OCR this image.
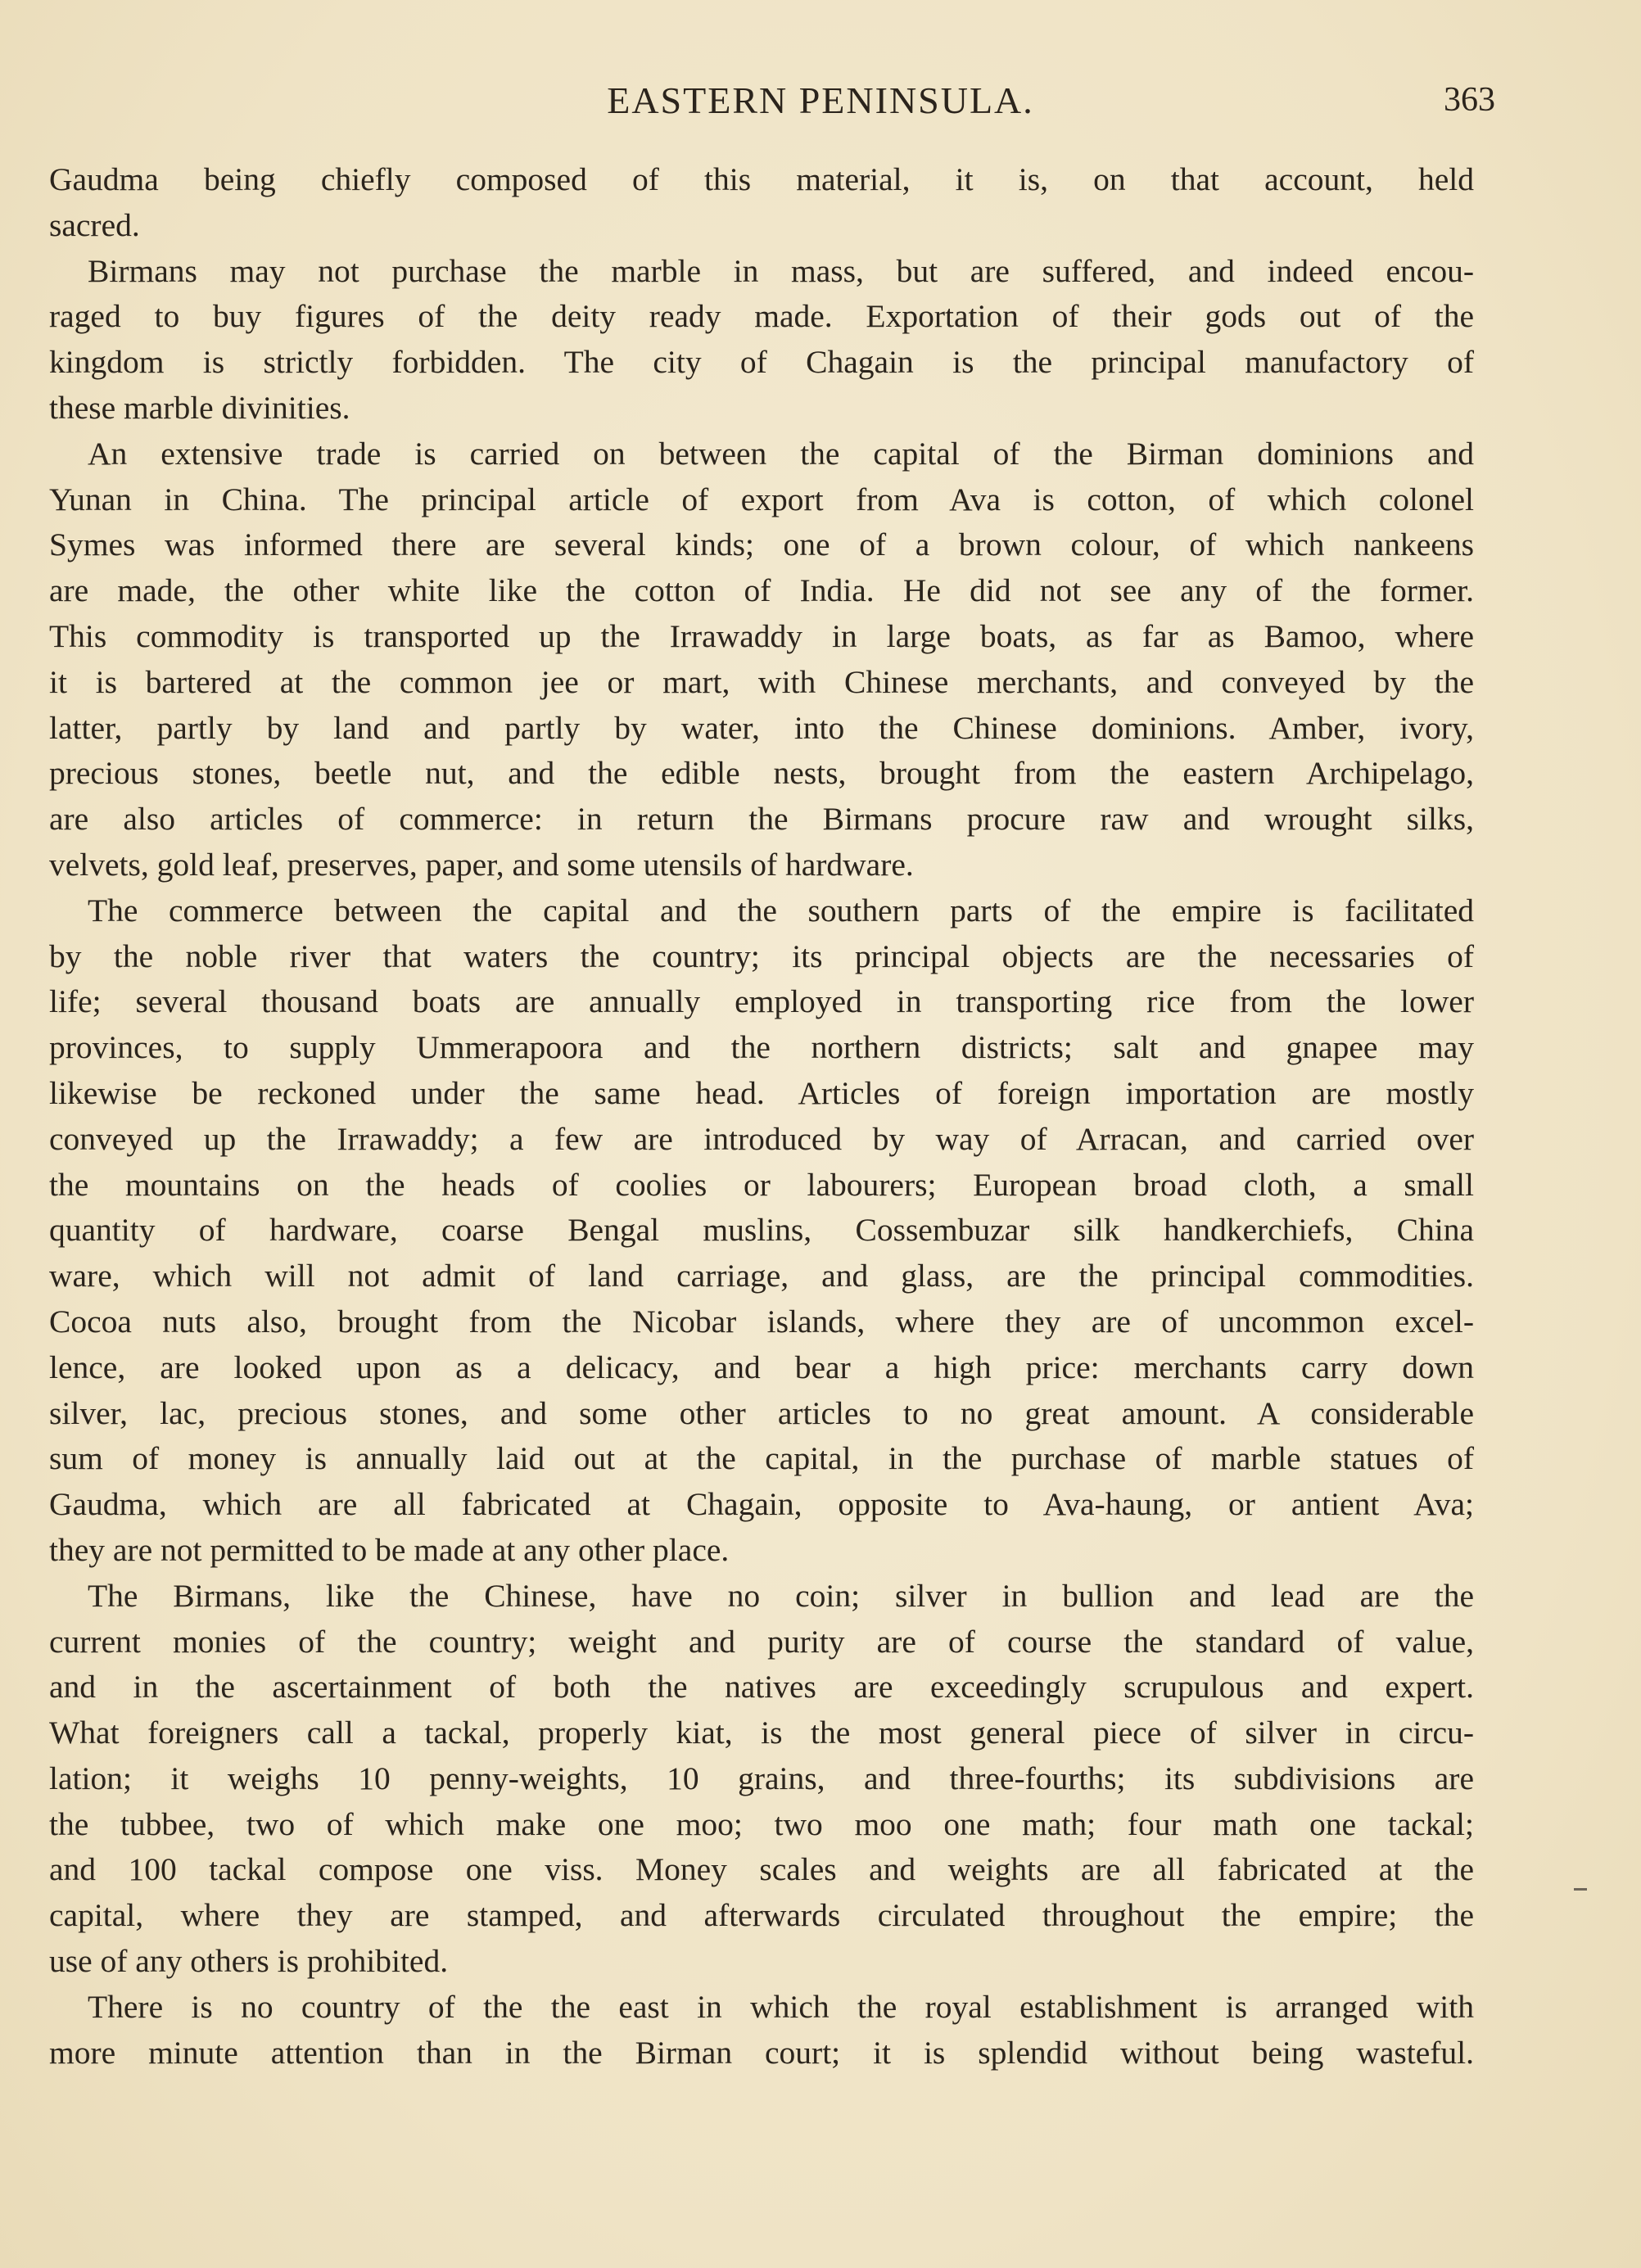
EASTERN PENINSULA.	363
Gaudma being chiefly composed of this material, it is, on that account, held
sacred.
Birmans may not purchase the marble in mass, but are suffered, and indeed encou-
raged to buy figures of the deity ready made. Exportation of their gods out of the
kingdom is strictly forbidden. The city of Chagain is the principal manufactory of
these marble divinities.
An extensive trade is carried on between the capital of the Birman dominions and
Yunan in China. The principal article of export from Ava is cotton, of which colonel
Symes was informed there are several kinds; one of a brown colour, of which nankeens
are made, the other white like the cotton of India. He did not see any of the former.
This commodity is transported up the Irrawaddy in large boats, as far as Bamoo, where
it is bartered at the common jee or mart, with Chinese merchants, and conveyed by the
latter, partly by land and partly by water, into the Chinese dominions. Amber, ivory,
precious stones, beetle nut, and the edible nests, brought from the eastern Archipelago,
are also articles of commerce: in return the Birmans procure raw and wrought silks,
velvets, gold leaf, preserves, paper, and some utensils of hardware.
The commerce between the capital and the southern parts of the empire is facilitated
by the noble river that waters the country; its principal objects are the necessaries of
life; several thousand boats are annually employed in transporting rice from the lower
provinces, to supply Ummerapoora and the northern districts; salt and gnapee may
likewise be reckoned under the same head. Articles of foreign importation are mostly
conveyed up the Irrawaddy; a few are introduced by way of Arracan, and carried over
the mountains on the heads of coolies or labourers; European broad cloth, a small
quantity of hardware, coarse Bengal muslins, Cossembuzar silk handkerchiefs, China
ware, which will not admit of land carriage, and glass, are the principal commodities.
Cocoa nuts also, brought from the Nicobar islands, where they are of uncommon excel-
lence, are looked upon as a delicacy, and bear a high price: merchants carry down
silver, lac, precious stones, and some other articles to no great amount. A considerable
sum of money is annually laid out at the capital, in the purchase of marble statues of
Gaudma, which are all fabricated at Chagain, opposite to Ava-haung, or antient Ava;
they are not permitted to be made at any other place.
The Birmans, like the Chinese, have no coin; silver in bullion and lead are the
current monies of the country; weight and purity are of course the standard of value,
and in the ascertainment of both the natives are exceedingly scrupulous and expert.
What foreigners call a tackal, properly kiat, is the most general piece of silver in circu-
lation; it weighs 10 penny-weights, 10 grains, and three-fourths; its subdivisions are
the tubbee, two of which make one moo; two moo one math; four math one tackal;
and 100 tackal compose one viss. Money scales and weights are all fabricated at the
capital, where they are stamped, and afterwards circulated throughout the empire; the
use of any others is prohibited.
There is no country of the the east in which the royal establishment is arranged with
more minute attention than in the Birman court; it is splendid without being wasteful.
